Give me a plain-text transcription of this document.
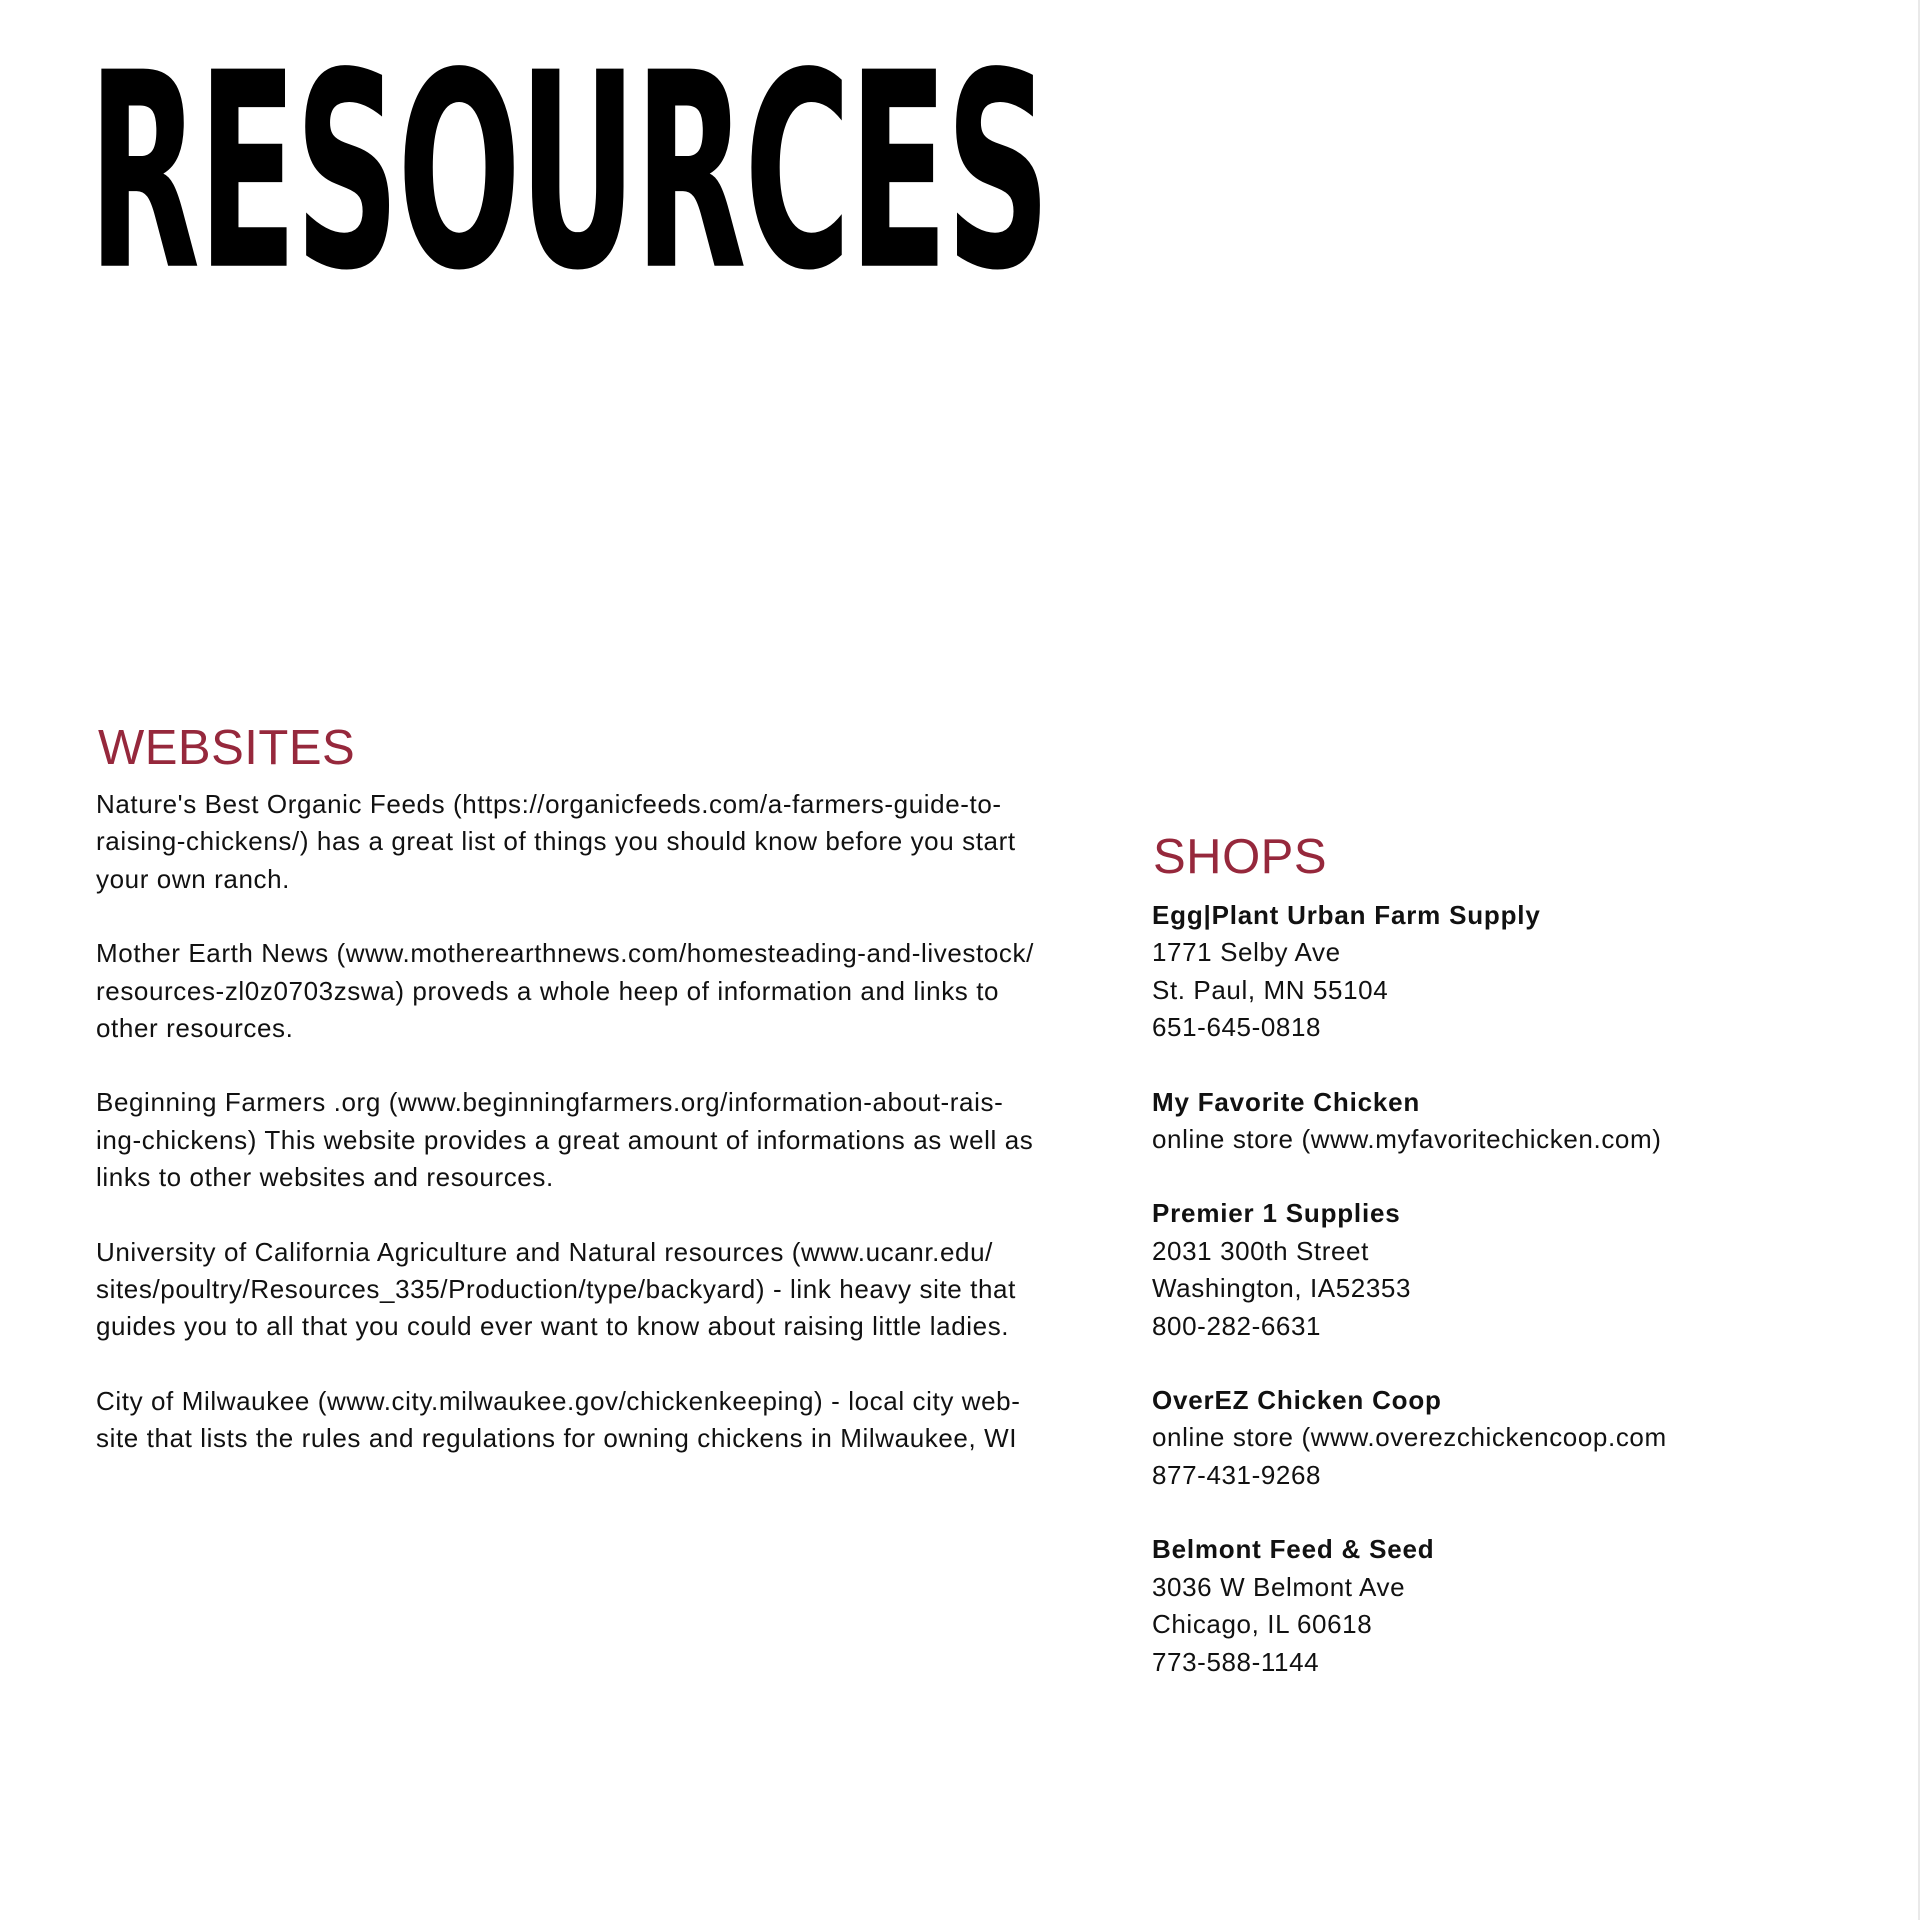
RESOURCES
WEBSITES

Nature's Best Organic Feeds (https://organicfeeds.com/a-farmers-guide-to-
raising-chickens/) has a great list of things you should know before you start
your own ranch.

Mother Earth News (www.motherearthnews.com/homesteading-and-livestock/
resources-zl0z0703zswa) proveds a whole heep of information and links to
other resources.

Beginning Farmers .org (www.beginningfarmers.org/information-about-rais-
ing-chickens) This website provides a great amount of informations as well as
links to other websites and resources.

University of California Agriculture and Natural resources (www.ucanr.edu/
sites/poultry/Resources_335/Production/type/backyard) - link heavy site that
guides you to all that you could ever want to know about raising little ladies.

City of Milwaukee (www.city.milwaukee.gov/chickenkeeping) - local city web-
site that lists the rules and regulations for owning chickens in Milwaukee, WI

SHOPS

Egg|Plant Urban Farm Supply
1771 Selby Ave
St. Paul, MN 55104
651-645-0818

My Favorite Chicken
online store (www.myfavoritechicken.com)

Premier 1 Supplies
2031 300th Street
Washington, IA52353
800-282-6631

OverEZ Chicken Coop
online store (www.overezchickencoop.com
877-431-9268

Belmont Feed & Seed
3036 W Belmont Ave
Chicago, IL 60618
773-588-1144
